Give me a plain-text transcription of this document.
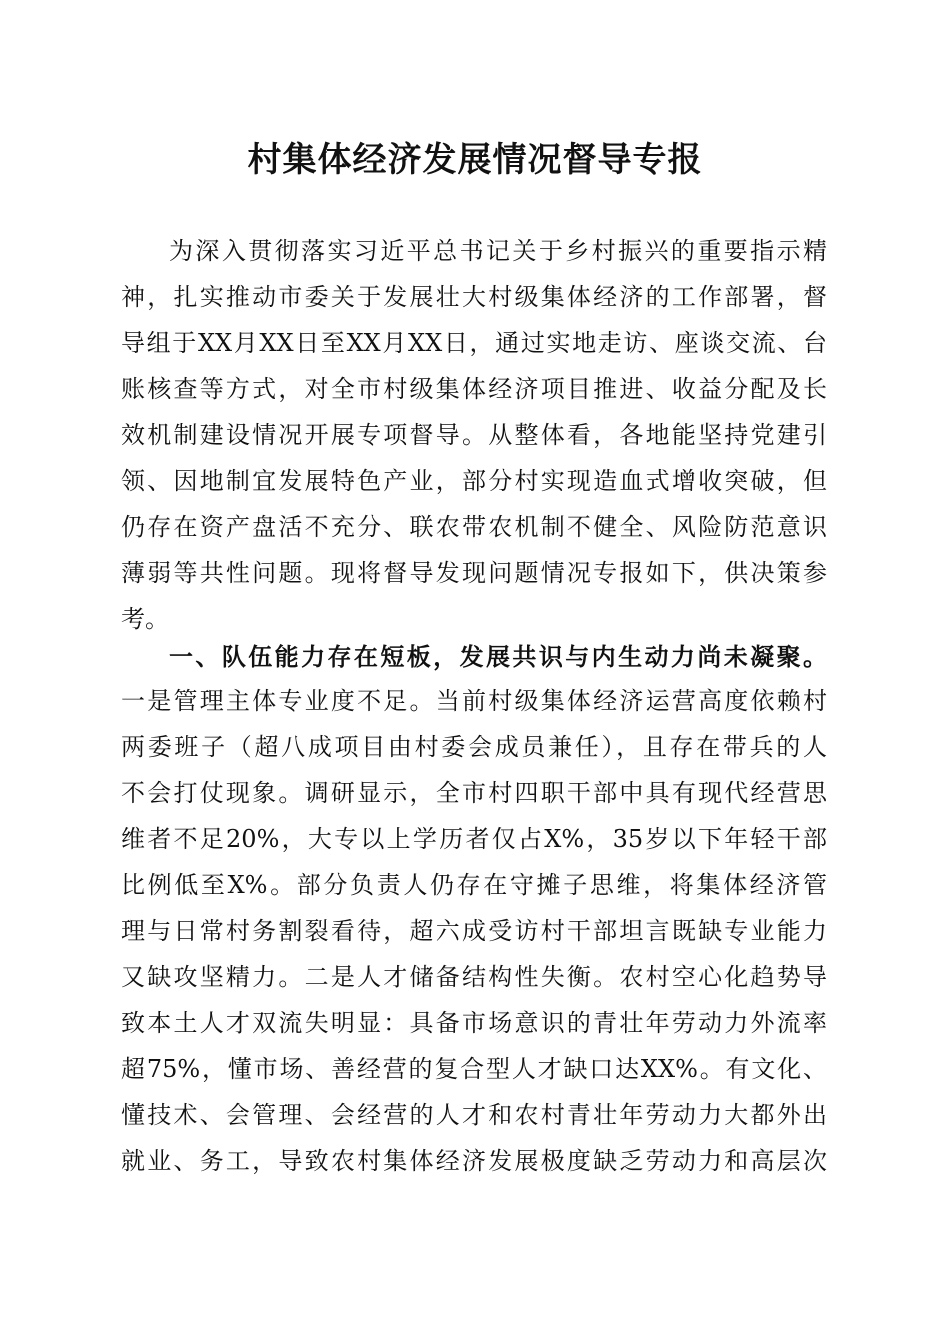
村集体经济发展情况督导专报

为深入贯彻落实习近平总书记关于乡村振兴的重要指示精

神，扎实推动市委关于发展壮大村级集体经济的工作部署，督

导组于XX月XX日至XX月XX日，通过实地走访、座谈交流、台

账核查等方式，对全市村级集体经济项目推进、收益分配及长

效机制建设情况开展专项督导。从整体看，各地能坚持党建引

领、因地制宜发展特色产业，部分村实现造血式增收突破，但

仍存在资产盘活不充分、联农带农机制不健全、风险防范意识

薄弱等共性问题。现将督导发现问题情况专报如下，供决策参

考。

一、队伍能力存在短板，发展共识与内生动力尚未凝聚。

一是管理主体专业度不足。当前村级集体经济运营高度依赖村

两委班子（超八成项目由村委会成员兼任），且存在带兵的人

不会打仗现象。调研显示，全市村四职干部中具有现代经营思

维者不足20%，大专以上学历者仅占X%，35岁以下年轻干部

比例低至X%。部分负责人仍存在守摊子思维，将集体经济管

理与日常村务割裂看待，超六成受访村干部坦言既缺专业能力

又缺攻坚精力。二是人才储备结构性失衡。农村空心化趋势导

致本土人才双流失明显：具备市场意识的青壮年劳动力外流率

超75%，懂市场、善经营的复合型人才缺口达XX%。有文化、

懂技术、会管理、会经营的人才和农村青壮年劳动力大都外出

就业、务工，导致农村集体经济发展极度缺乏劳动力和高层次
